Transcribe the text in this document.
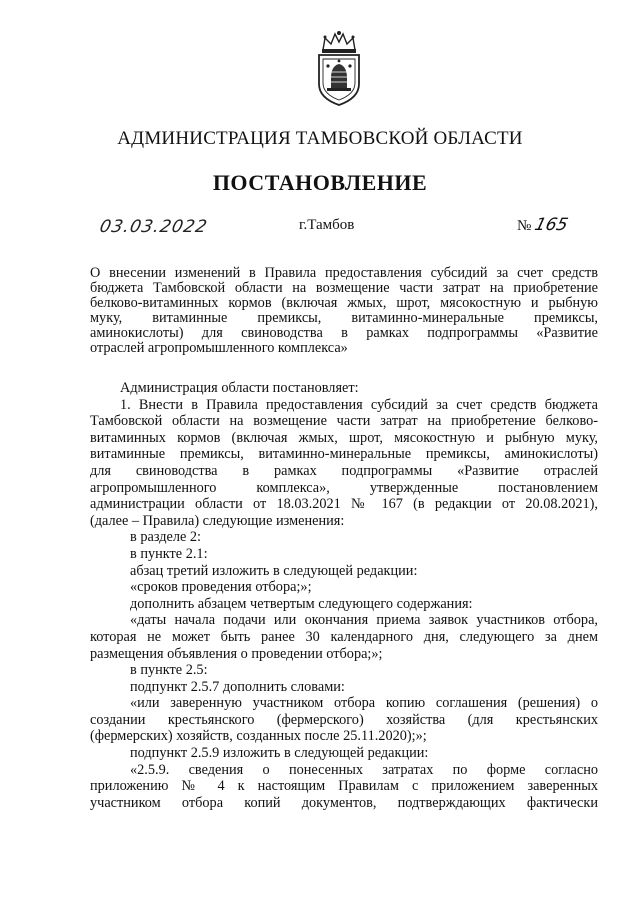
АДМИНИСТРАЦИЯ ТАМБОВСКОЙ ОБЛАСТИ
ПОСТАНОВЛЕНИЕ
03.03.2022	г.Тамбов	№165
О внесении изменений в Правила предоставления субсидий за счет средств
бюджета Тамбовской области на возмещение части затрат на приобретение
белково-витаминных кормов (включая жмых, шрот, мясокостную и рыбную
муку, витаминные премиксы, витаминно-минеральные премиксы,
аминокислоты) для свиноводства в рамках подпрограммы «Развитие
отраслей агропромышленного комплекса»
Администрация области постановляет:
1. Внести в Правила предоставления субсидий за счет средств бюджета
Тамбовской области на возмещение части затрат на приобретение белково-
витаминных кормов (включая жмых, шрот, мясокостную и рыбную муку,
витаминные премиксы, витаминно-минеральные премиксы, аминокислоты)
для свиноводства в рамках подпрограммы «Развитие отраслей
агропромышленного комплекса», утвержденные постановлением
администрации области от 18.03.2021 № 167 (в редакции от 20.08.2021),
(далее – Правила) следующие изменения:
в разделе 2:
в пункте 2.1:
абзац третий изложить в следующей редакции:
«сроков проведения отбора;»;
дополнить абзацем четвертым следующего содержания:
«даты начала подачи или окончания приема заявок участников отбора,
которая не может быть ранее 30 календарного дня, следующего за днем
размещения объявления о проведении отбора;»;
в пункте 2.5:
подпункт 2.5.7 дополнить словами:
«или заверенную участником отбора копию соглашения (решения) о
создании крестьянского (фермерского) хозяйства (для крестьянских
(фермерских) хозяйств, созданных после 25.11.2020);»;
подпункт 2.5.9 изложить в следующей редакции:
«2.5.9. сведения о понесенных затратах по форме согласно
приложению № 4 к настоящим Правилам с приложением заверенных
участником отбора копий документов, подтверждающих фактически
